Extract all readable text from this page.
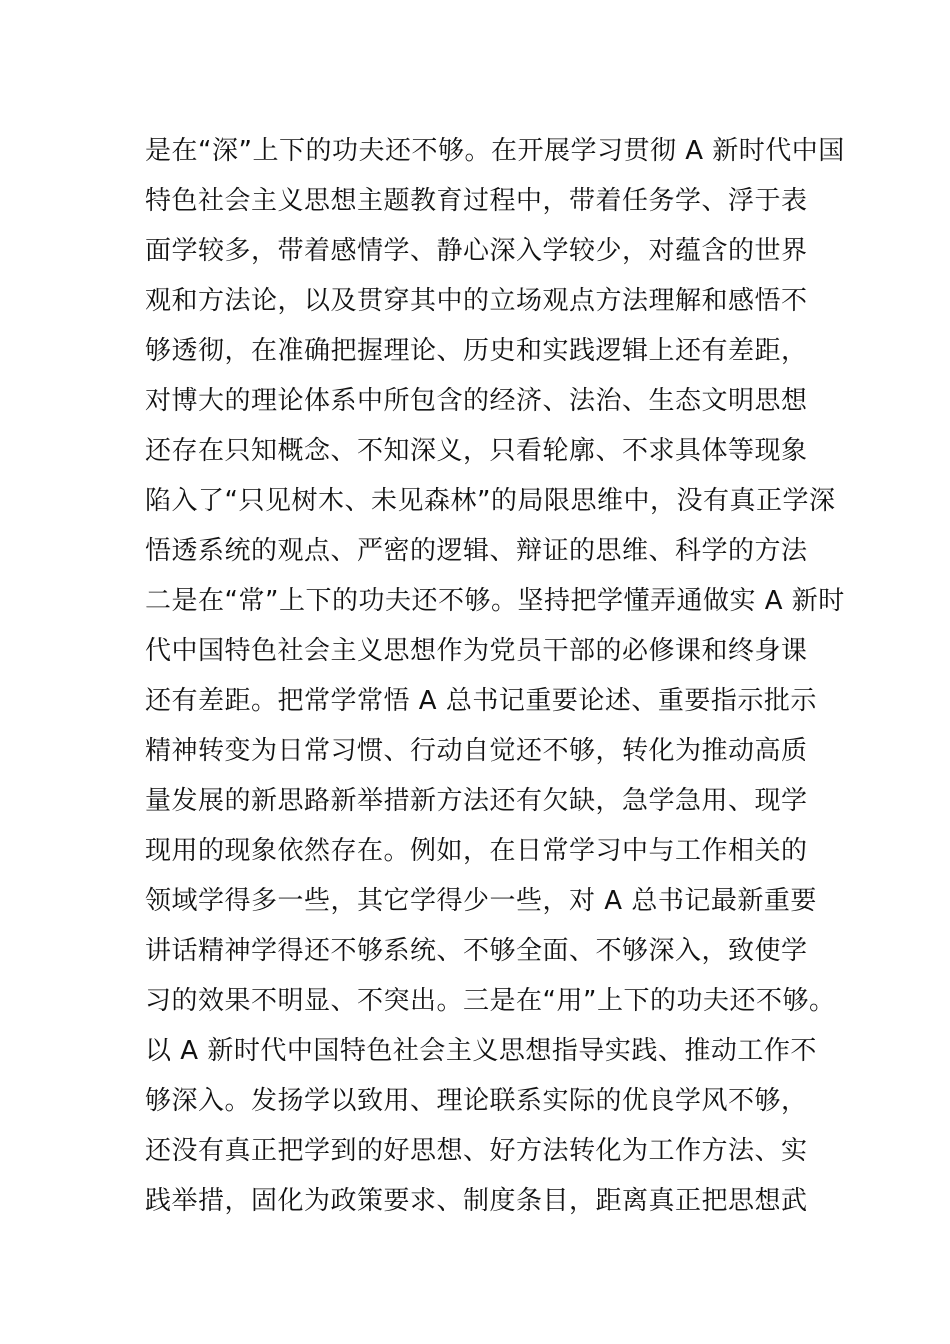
是在“深”上下的功夫还不够。在开展学习贯彻 A 新时代中国
特色社会主义思想主题教育过程中，带着任务学、浮于表
面学较多，带着感情学、静心深入学较少，对蕴含的世界
观和方法论，以及贯穿其中的立场观点方法理解和感悟不
够透彻，在准确把握理论、历史和实践逻辑上还有差距，
对博大的理论体系中所包含的经济、法治、生态文明思想
还存在只知概念、不知深义，只看轮廓、不求具体等现象
陷入了“只见树木、未见森林”的局限思维中，没有真正学深
悟透系统的观点、严密的逻辑、辩证的思维、科学的方法
二是在“常”上下的功夫还不够。坚持把学懂弄通做实 A 新时
代中国特色社会主义思想作为党员干部的必修课和终身课
还有差距。把常学常悟 A 总书记重要论述、重要指示批示
精神转变为日常习惯、行动自觉还不够，转化为推动高质
量发展的新思路新举措新方法还有欠缺，急学急用、现学
现用的现象依然存在。例如，在日常学习中与工作相关的
领域学得多一些，其它学得少一些，对 A 总书记最新重要
讲话精神学得还不够系统、不够全面、不够深入，致使学
习的效果不明显、不突出。三是在“用”上下的功夫还不够。
以 A 新时代中国特色社会主义思想指导实践、推动工作不
够深入。发扬学以致用、理论联系实际的优良学风不够，
还没有真正把学到的好思想、好方法转化为工作方法、实
践举措，固化为政策要求、制度条目，距离真正把思想武
